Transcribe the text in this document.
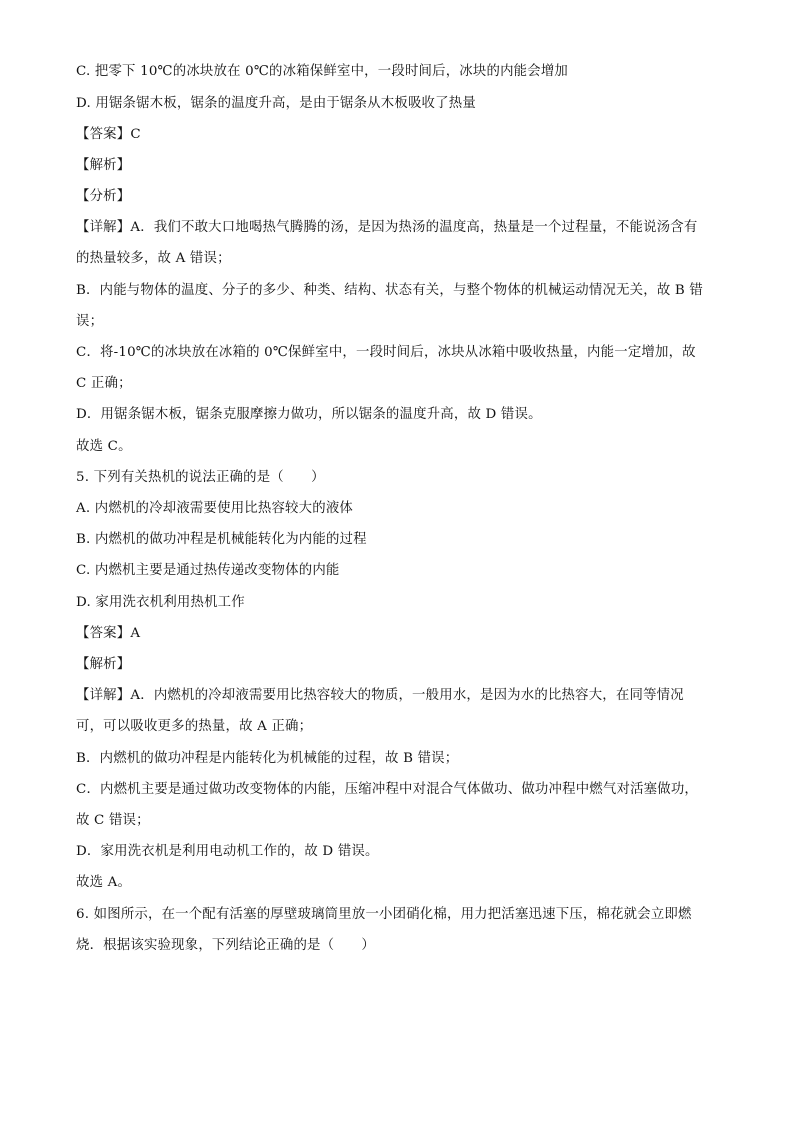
C. 把零下 10℃的冰块放在 0℃的冰箱保鲜室中，一段时间后，冰块的内能会增加
D. 用锯条锯木板，锯条的温度升高，是由于锯条从木板吸收了热量
【答案】C
【解析】
【分析】
【详解】A．我们不敢大口地喝热气腾腾的汤，是因为热汤的温度高，热量是一个过程量，不能说汤含有
的热量较多，故 A 错误；
B．内能与物体的温度、分子的多少、种类、结构、状态有关，与整个物体的机械运动情况无关，故 B 错
误；
C．将-10℃的冰块放在冰箱的 0℃保鲜室中，一段时间后，冰块从冰箱中吸收热量，内能一定增加，故
C 正确；
D．用锯条锯木板，锯条克服摩擦力做功，所以锯条的温度升高，故 D 错误。
故选 C。
5. 下列有关热机的说法正确的是（　　）
A. 内燃机的冷却液需要使用比热容较大的液体
B. 内燃机的做功冲程是机械能转化为内能的过程
C. 内燃机主要是通过热传递改变物体的内能
D. 家用洗衣机利用热机工作
【答案】A
【解析】
【详解】A．内燃机的冷却液需要用比热容较大的物质，一般用水，是因为水的比热容大，在同等情况
可，可以吸收更多的热量，故 A 正确；
B．内燃机的做功冲程是内能转化为机械能的过程，故 B 错误；
C．内燃机主要是通过做功改变物体的内能，压缩冲程中对混合气体做功、做功冲程中燃气对活塞做功，
故 C 错误；
D．家用洗衣机是利用电动机工作的，故 D 错误。
故选 A。
6. 如图所示，在一个配有活塞的厚壁玻璃筒里放一小团硝化棉，用力把活塞迅速下压，棉花就会立即燃
烧．根据该实验现象，下列结论正确的是（　　）
